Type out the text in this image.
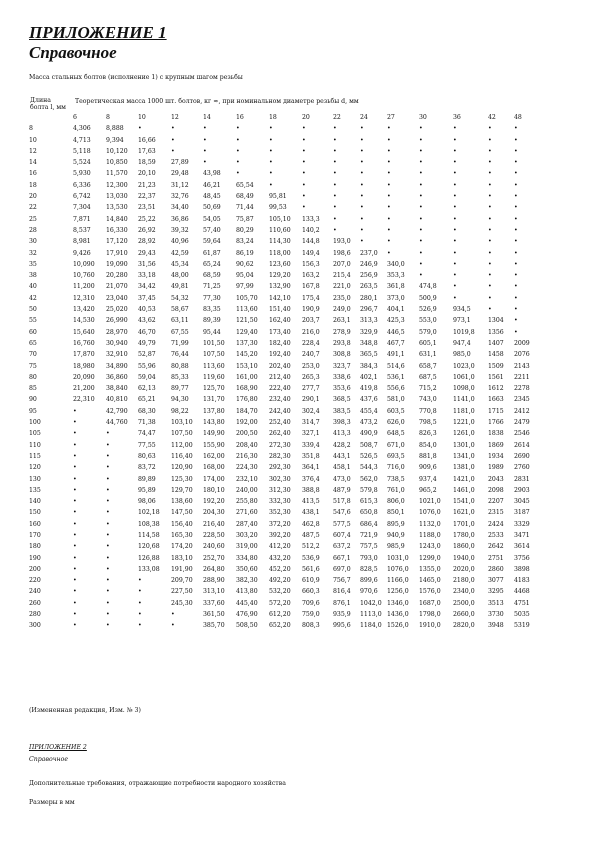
ПРИЛОЖЕНИЕ 1
Справочное
Масса стальных болтов (исполнение 1) с крупным шагом резьбы
Длина болта l, мм
Теоретическая масса 1000 шт. болтов, кг ≈, при номинальном диаметре резьбы d, мм
	6	8	10	12	14	16	18	20	22	24	27	30	36	42	48
8	4,306	8,888	•	•	•	•	•	•	•	•	•	•	•	•	•
10	4,713	9,394	16,66	•	•	•	•	•	•	•	•	•	•	•	•
12	5,118	10,120	17,63	•	•	•	•	•	•	•	•	•	•	•	•
14	5,524	10,850	18,59	27,89	•	•	•	•	•	•	•	•	•	•	•
16	5,930	11,570	20,10	29,48	43,98	•	•	•	•	•	•	•	•	•	•
18	6,336	12,300	21,23	31,12	46,21	65,54	•	•	•	•	•	•	•	•	•
20	6,742	13,030	22,37	32,76	48,45	68,49	95,81	•	•	•	•	•	•	•	•
22	7,304	13,530	23,51	34,40	50,69	71,44	99,53	•	•	•	•	•	•	•	•
25	7,871	14,840	25,22	36,86	54,05	75,87	105,10	133,3	•	•	•	•	•	•	•
28	8,537	16,330	26,92	39,32	57,40	80,29	110,60	140,2	•	•	•	•	•	•	•
30	8,981	17,120	28,92	40,96	59,64	83,24	114,30	144,8	193,0	•	•	•	•	•	•
32	9,426	17,910	29,43	42,59	61,87	86,19	118,00	149,4	198,6	237,0	•	•	•	•	•
35	10,090	19,090	31,56	45,34	65,24	90,62	123,60	156,3	207,0	246,9	340,0	•	•	•	•
38	10,760	20,280	33,18	48,00	68,59	95,04	129,20	163,2	215,4	256,9	353,3	•	•	•	•
40	11,200	21,070	34,42	49,81	71,25	97,99	132,90	167,8	221,0	263,5	361,8	474,8	•	•	•
42	12,310	23,040	37,45	54,32	77,30	105,70	142,10	175,4	235,0	280,1	373,0	500,9	•	•	•
50	13,420	25,020	40,53	58,67	83,35	113,60	151,40	190,9	249,0	296,7	404,1	526,9	934,5	•	•
55	14,530	26,990	43,62	63,11	89,39	121,50	162,40	203,7	263,1	313,3	425,3	553,0	973,1	1304	•
60	15,640	28,970	46,70	67,55	95,44	129,40	173,40	216,0	278,9	329,9	446,5	579,0	1019,8	1356	•
65	16,760	30,940	49,79	71,99	101,50	137,30	182,40	228,4	293,8	348,8	467,7	605,1	947,4	1407	2009
70	17,870	32,910	52,87	76,44	107,50	145,20	192,40	240,7	308,8	365,5	491,1	631,1	985,0	1458	2076
75	18,980	34,890	55,96	80,88	113,60	153,10	202,40	253,0	323,7	384,3	514,6	658,7	1023,0	1509	2143
80	20,090	36,860	59,04	85,33	119,60	161,00	212,40	265,3	338,6	402,1	536,1	687,5	1061,0	1561	2211
85	21,200	38,840	62,13	89,77	125,70	168,90	222,40	277,7	353,6	419,8	556,6	715,2	1098,0	1612	2278
90	22,310	40,810	65,21	94,30	131,70	176,80	232,40	290,1	368,5	437,6	581,0	743,0	1141,0	1663	2345
95	•	42,790	68,30	98,22	137,80	184,70	242,40	302,4	383,5	455,4	603,5	770,8	1181,0	1715	2412
100	•	44,760	71,38	103,10	143,80	192,00	252,40	314,7	398,3	473,2	626,0	798,5	1221,0	1766	2479
105	•	•	74,47	107,50	149,90	200,50	262,40	327,1	413,3	490,9	648,5	826,3	1261,0	1838	2546
110	•	•	77,55	112,00	155,90	208,40	272,30	339,4	428,2	508,7	671,0	854,0	1301,0	1869	2614
115	•	•	80,63	116,40	162,00	216,30	282,30	351,8	443,1	526,5	693,5	881,8	1341,0	1934	2690
120	•	•	83,72	120,90	168,00	224,30	292,30	364,1	458,1	544,3	716,0	909,6	1381,0	1989	2760
130	•	•	89,89	125,30	174,00	232,10	302,30	376,4	473,0	562,0	738,5	937,4	1421,0	2043	2831
135	•	•	95,89	129,70	180,10	240,00	312,30	388,8	487,9	579,8	761,0	965,2	1461,0	2098	2903
140	•	•	98,06	138,60	192,20	255,80	332,30	413,5	517,8	615,3	806,0	1021,0	1541,0	2207	3045
150	•	•	102,18	147,50	204,30	271,60	352,30	438,1	547,6	650,8	850,1	1076,0	1621,0	2315	3187
160	•	•	108,38	156,40	216,40	287,40	372,20	462,8	577,5	686,4	895,9	1132,0	1701,0	2424	3329
170	•	•	114,58	165,30	228,50	303,20	392,20	487,5	607,4	721,9	940,9	1188,0	1780,0	2533	3471
180	•	•	120,68	174,20	240,60	319,00	412,20	512,2	637,2	757,5	985,9	1243,0	1860,0	2642	3614
190	•	•	126,88	183,10	252,70	334,80	432,20	536,9	667,1	793,0	1031,0	1299,0	1940,0	2751	3756
200	•	•	133,08	191,90	264,80	350,60	452,20	561,6	697,0	828,5	1076,0	1355,0	2020,0	2860	3898
220	•	•	•	209,70	288,90	382,30	492,20	610,9	756,7	899,6	1166,0	1465,0	2180,0	3077	4183
240	•	•	•	227,50	313,10	413,80	532,20	660,3	816,4	970,6	1256,0	1576,0	2340,0	3295	4468
260	•	•	•	245,30	337,60	445,40	572,20	709,6	876,1	1042,0	1346,0	1687,0	2500,0	3513	4751
280	•	•	•	•	361,50	476,90	612,20	759,0	935,9	1113,0	1436,0	1798,0	2660,0	3730	5035
300	•	•	•	•	385,70	508,50	652,20	808,3	995,6	1184,0	1526,0	1910,0	2820,0	3948	5319
(Измененная редакция, Изм. № 3)
ПРИЛОЖЕНИЕ 2
Справочное
Дополнительные требования, отражающие потребности народного хозяйства
Размеры в мм
